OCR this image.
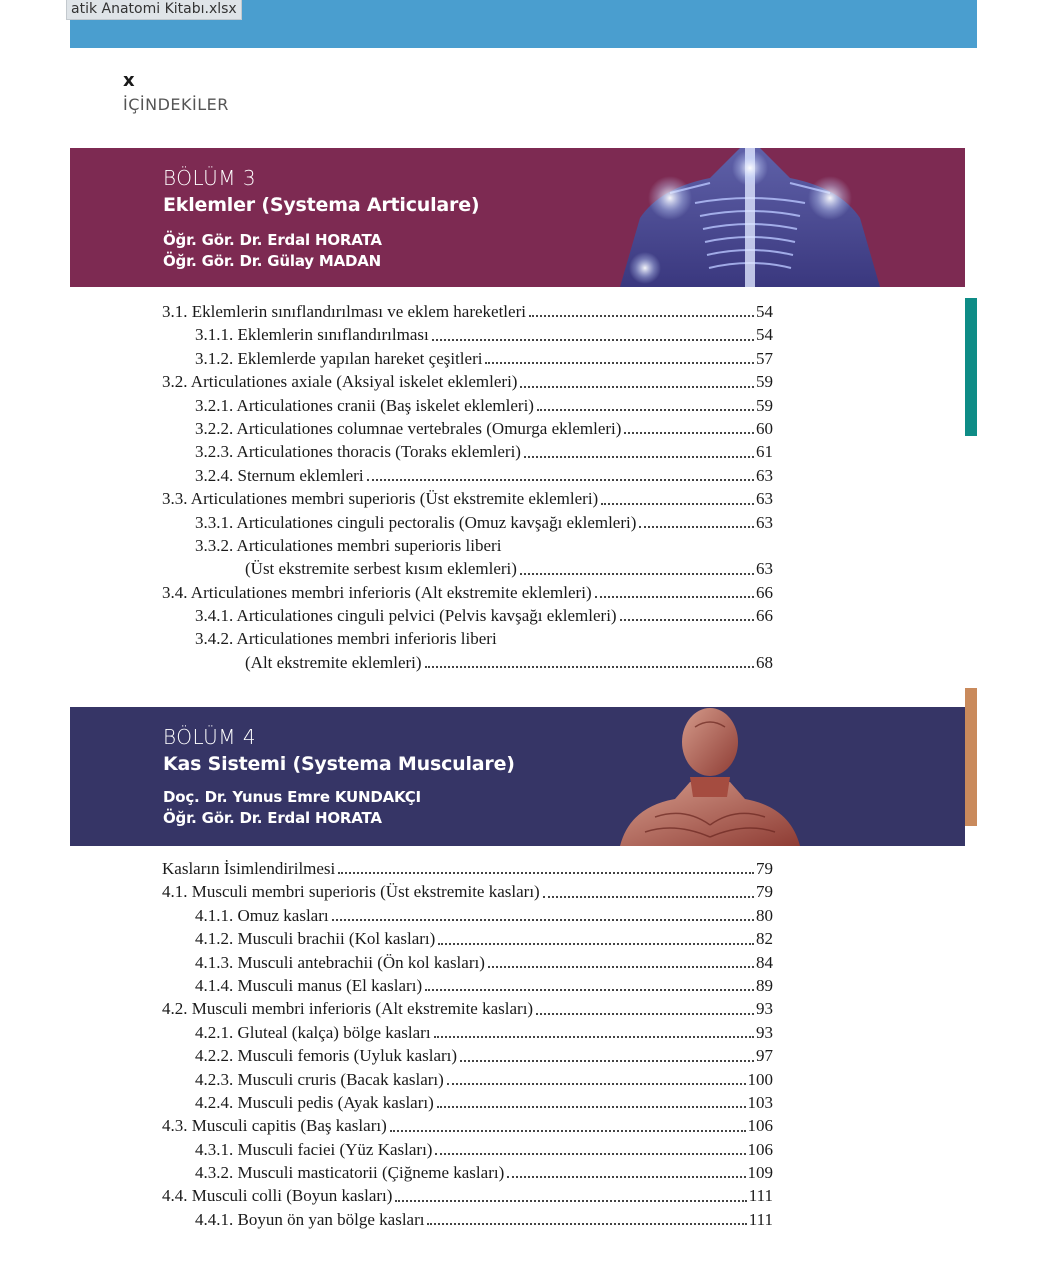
atik Anatomi Kitabı.xlsx
x
İÇİNDEKİLER
BÖLÜM 3
Eklemler (Systema Articulare)
Öğr. Gör. Dr. Erdal HORATA
Öğr. Gör. Dr. Gülay MADAN
3.1. Eklemlerin sınıflandırılması ve eklem hareketleri	54
3.1.1. Eklemlerin sınıflandırılması	54
3.1.2. Eklemlerde yapılan hareket çeşitleri	57
3.2. Articulationes axiale (Aksiyal iskelet eklemleri)	59
3.2.1. Articulationes cranii (Baş iskelet eklemleri)	59
3.2.2. Articulationes columnae vertebrales (Omurga eklemleri)	60
3.2.3. Articulationes thoracis (Toraks eklemleri)	61
3.2.4. Sternum eklemleri	63
3.3. Articulationes membri superioris (Üst ekstremite eklemleri)	63
3.3.1. Articulationes cinguli pectoralis (Omuz kavşağı eklemleri)	63
3.3.2. Articulationes membri superioris liberi
(Üst ekstremite serbest kısım eklemleri)	63
3.4. Articulationes membri inferioris (Alt ekstremite eklemleri)	66
3.4.1. Articulationes cinguli pelvici (Pelvis kavşağı eklemleri)	66
3.4.2. Articulationes membri inferioris liberi
(Alt ekstremite eklemleri)	68
BÖLÜM 4
Kas Sistemi (Systema Musculare)
Doç. Dr. Yunus Emre KUNDAKÇI
Öğr. Gör. Dr. Erdal HORATA
Kasların İsimlendirilmesi	79
4.1. Musculi membri superioris (Üst ekstremite kasları)	79
4.1.1. Omuz kasları	80
4.1.2. Musculi brachii (Kol kasları)	82
4.1.3. Musculi antebrachii (Ön kol kasları)	84
4.1.4. Musculi manus (El kasları)	89
4.2. Musculi membri inferioris (Alt ekstremite kasları)	93
4.2.1. Gluteal (kalça) bölge kasları	93
4.2.2. Musculi femoris (Uyluk kasları)	97
4.2.3. Musculi cruris (Bacak kasları)	100
4.2.4. Musculi pedis (Ayak kasları)	103
4.3. Musculi capitis (Baş kasları)	106
4.3.1. Musculi faciei (Yüz Kasları)	106
4.3.2. Musculi masticatorii (Çiğneme kasları)	109
4.4. Musculi colli (Boyun kasları)	111
4.4.1. Boyun ön yan bölge kasları	111
